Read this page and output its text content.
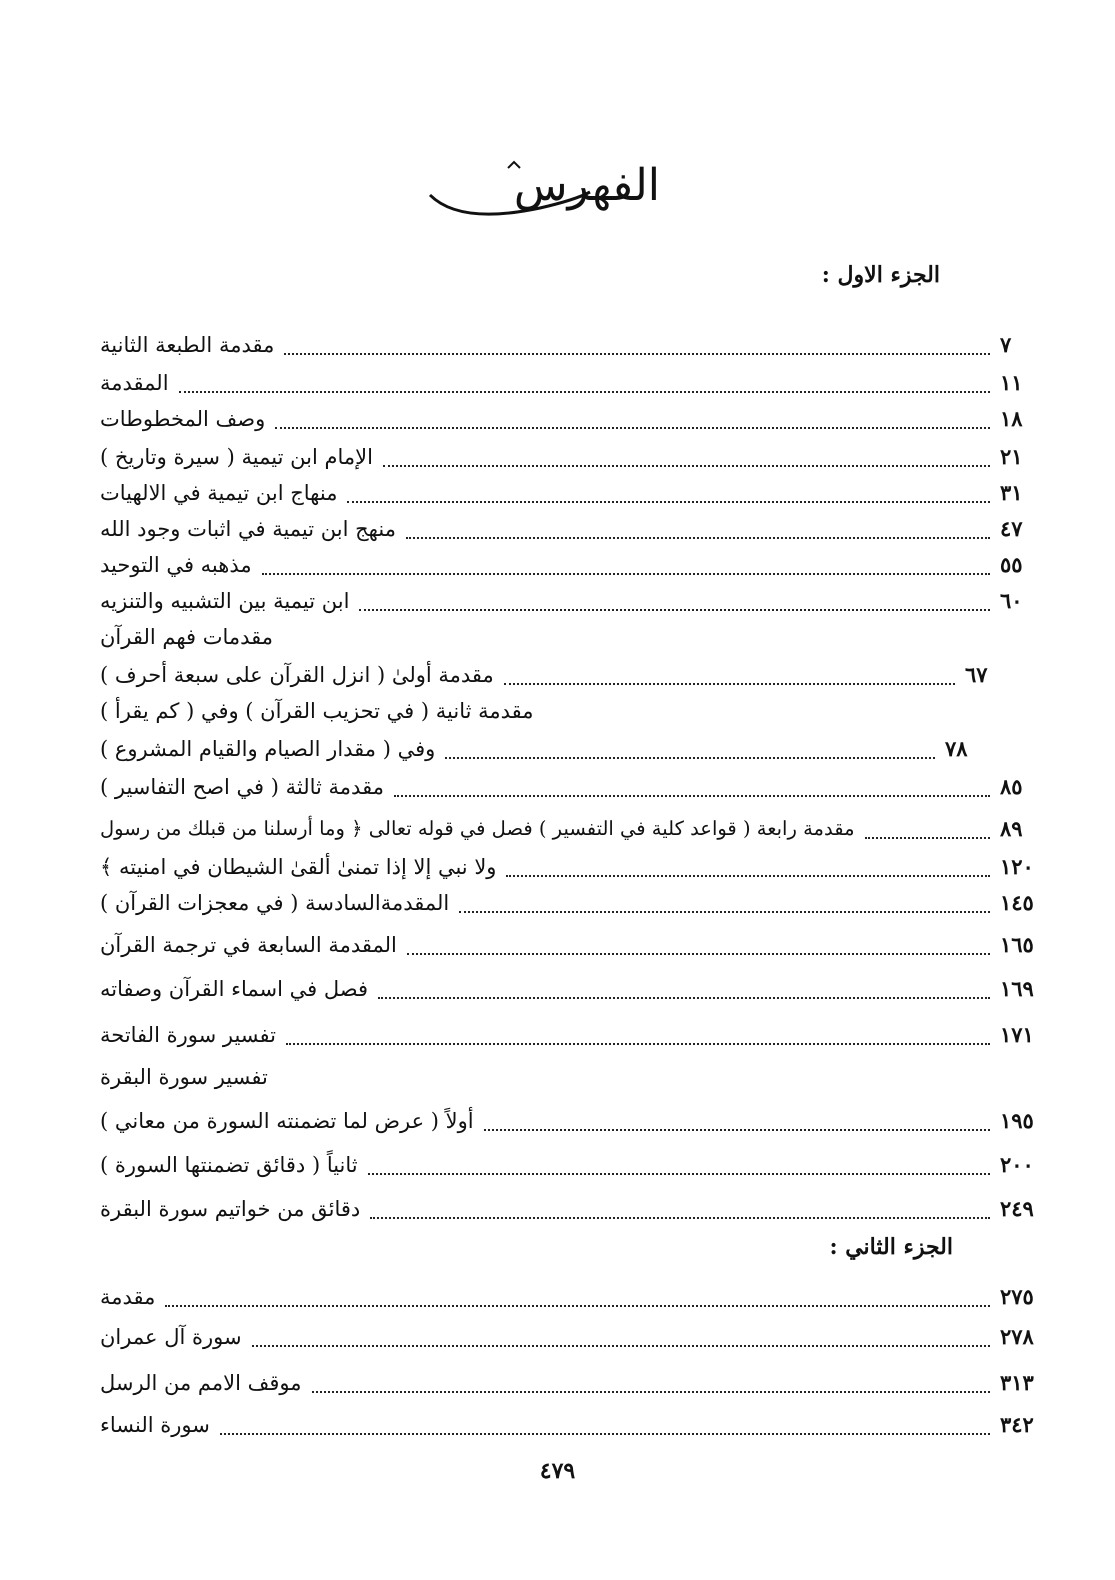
الفهرس
الجزء الاول :
مقدمة الطبعة الثانية	٧
المقدمة	١١
وصف المخطوطات	١٨
الإمام ابن تيمية ( سيرة وتاريخ )	٢١
منهاج ابن تيمية في الالهيات	٣١
منهج ابن تيمية في اثبات وجود الله	٤٧
مذهبه في التوحيد	٥٥
ابن تيمية بين التشبيه والتنزيه	٦٠
مقدمات فهم القرآن
مقدمة أولىٰ ( انزل القرآن على سبعة أحرف )	٦٧
مقدمة ثانية ( في تحزيب القرآن ) وفي ( كم يقرأ )
وفي ( مقدار الصيام والقيام المشروع )	٧٨
مقدمة ثالثة ( في اصح التفاسير )	٨٥
مقدمة رابعة ( قواعد كلية في التفسير ) فصل في قوله تعالى ﴿ وما أرسلنا من قبلك من رسول	٨٩
ولا نبي إلا إذا تمنىٰ ألقىٰ الشيطان في امنيته ﴾	١٢٠
المقدمةالسادسة ( في معجزات القرآن )	١٤٥
المقدمة السابعة في ترجمة القرآن	١٦٥
فصل في اسماء القرآن وصفاته	١٦٩
تفسير سورة الفاتحة	١٧١
تفسير سورة البقرة
أولاً ( عرض لما تضمنته السورة من معاني )	١٩٥
ثانياً ( دقائق تضمنتها السورة )	٢٠٠
دقائق من خواتيم سورة البقرة	٢٤٩
الجزء الثاني :
مقدمة	٢٧٥
سورة آل عمران	٢٧٨
موقف الامم من الرسل	٣١٣
سورة النساء	٣٤٢
٤٧٩
